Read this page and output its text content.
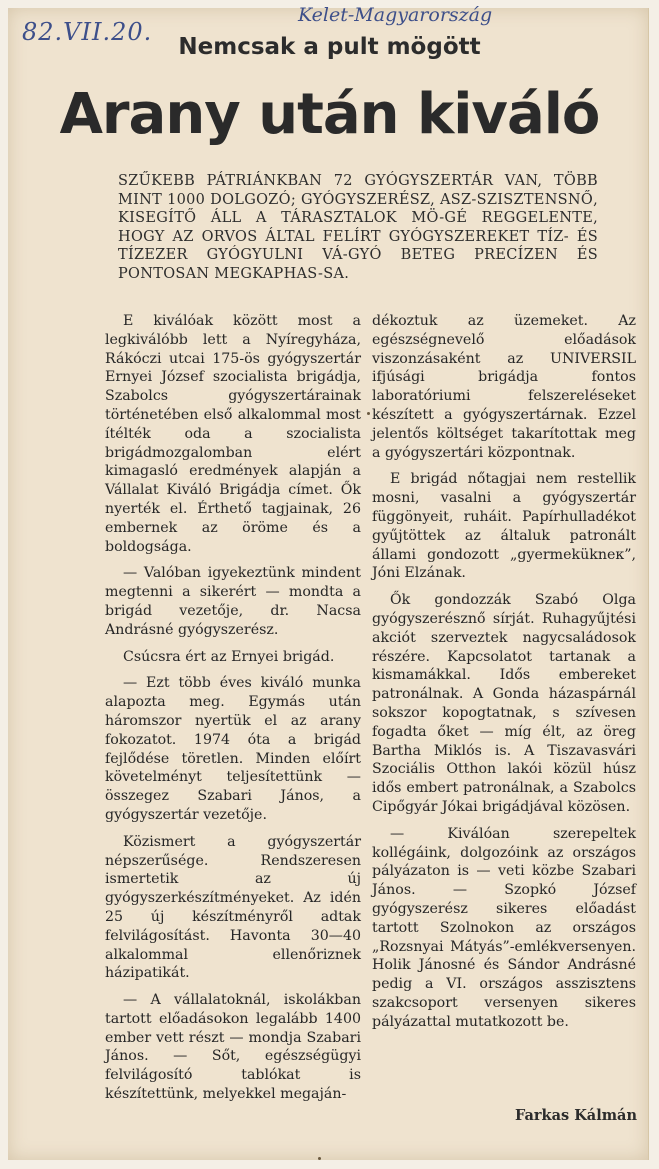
82.VII.20.
Kelet-Magyarország
Nemcsak a pult mögött
Arany után kiváló
SZŰKEBB PÁTRIÁNKBAN 72 GYÓGYSZERTÁR VAN, TÖBB MINT 1000 DOLGOZÓ; GYÓGYSZERÉSZ, ASZ-SZISZTENSNŐ, KISEGÍTŐ ÁLL A TÁRASZTALOK MÖ-GÉ REGGELENTE, HOGY AZ ORVOS ÁLTAL FELÍRT GYÓGYSZEREKET TÍZ- ÉS TÍZEZER GYÓGYULNI VÁ-GYÓ BETEG PRECÍZEN ÉS PONTOSAN MEGKAPHAS-SA.

E kiválóak között most a legkiválóbb lett a Nyíregyháza, Rákóczi utcai 175-ös gyógyszertár Ernyei József szocialista brigádja, Szabolcs gyógyszertárainak történetében első alkalommal most ítélték oda a szocialista brigádmozgalomban elért kimagasló eredmények alapján a Vállalat Kiváló Brigádja címet. Ők nyerték el. Érthető tagjainak, 26 embernek az öröme és a boldogsága.

— Valóban igyekeztünk mindent megtenni a sikerért — mondta a brigád vezetője, dr. Nacsa Andrásné gyógyszerész.

Csúcsra ért az Ernyei brigád.

— Ezt több éves kiváló munka alapozta meg. Egymás után háromszor nyertük el az arany fokozatot. 1974 óta a brigád fejlődése töretlen. Minden előírt követelményt teljesítettünk — összegez Szabari János, a gyógyszertár vezetője.

Közismert a gyógyszertár népszerűsége. Rendszeresen ismertetik az új gyógyszerkészítményeket. Az idén 25 új készítményről adtak felvilágosítást. Havonta 30—40 alkalommal ellenőriznek házipatikát.

— A vállalatoknál, iskolákban tartott előadásokon legalább 1400 ember vett részt — mondja Szabari János. — Sőt, egészségügyi felvilágosító tablókat is készítettünk, melyekkel megaján-

dékoztuk az üzemeket. Az egészségnevelő előadások viszonzásaként az UNIVERSIL ifjúsági brigádja fontos laboratóriumi felszereléseket készített a gyógyszertárnak. Ezzel jelentős költséget takarítottak meg a gyógyszertári központnak.

E brigád nőtagjai nem restellik mosni, vasalni a gyógyszertár függönyeit, ruháit. Papírhulladékot gyűjtöttek az általuk patronált állami gondozott „gyermekükneк”, Jóni Elzának.

Ők gondozzák Szabó Olga gyógyszerésznő sírját. Ruhagyűjtési akciót szerveztek nagycsaládosok részére. Kapcsolatot tartanak a kismamákkal. Idős embereket patronálnak. A Gonda házaspárnál sokszor kopogtatnak, s szívesen fogadta őket — míg élt, az öreg Bartha Miklós is. A Tiszavasvári Szociális Otthon lakói közül húsz idős embert patronálnak, a Szabolcs Cipőgyár Jókai brigádjával közösen.

— Kiválóan szerepeltek kollégáink, dolgozóink az országos pályázaton is — veti közbe Szabari János. — Szopkó József gyógyszerész sikeres előadást tartott Szolnokon az országos „Rozsnyai Mátyás”-emlékversenyen. Holik Jánosné és Sándor Andrásné pedig a VI. országos asszisztens szakcsoport versenyen sikeres pályázattal mutatkozott be.

Farkas Kálmán
